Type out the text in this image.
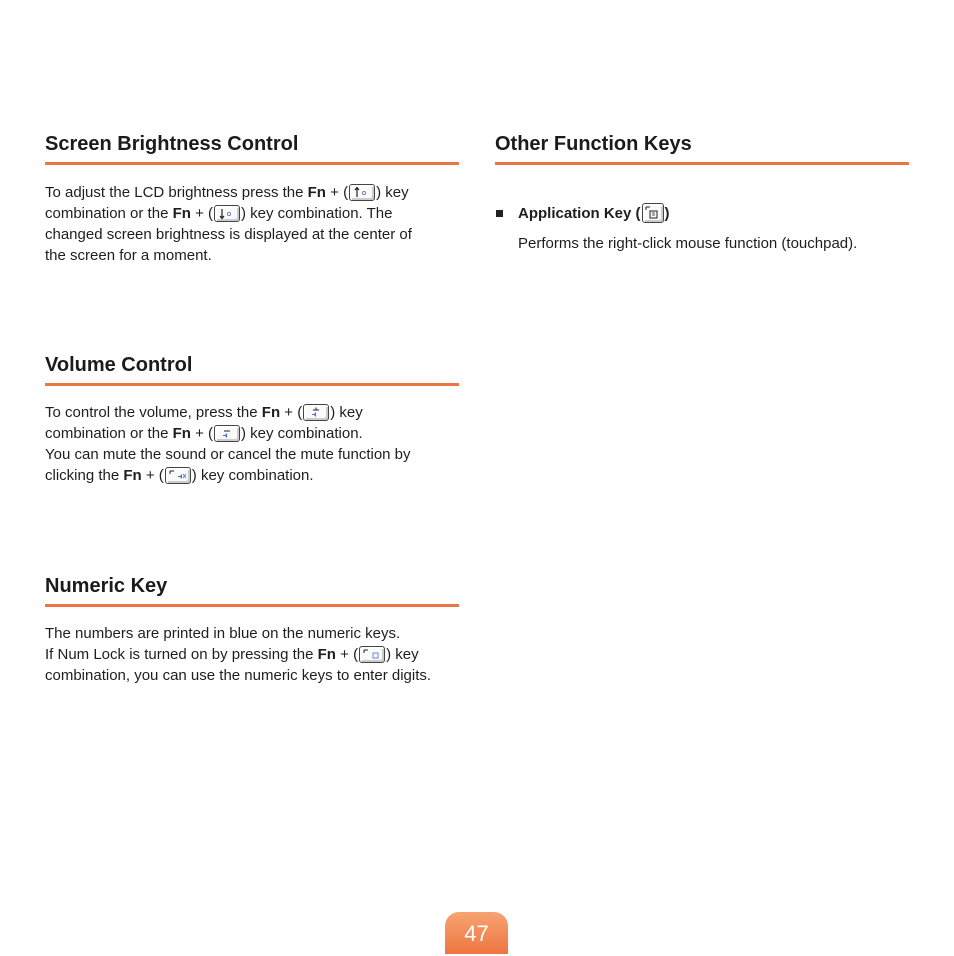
Screen Brightness Control
To adjust the LCD brightness press the Fn + ( ) key
combination or the Fn + ( ) key combination. The
changed screen brightness is displayed at the center of
the screen for a moment.
Volume Control
To control the volume, press the Fn + ( ) key
combination or the Fn + ( ) key combination.
You can mute the sound or cancel the mute function by
clicking the Fn + ( ) key combination.
Numeric Key
The numbers are printed in blue on the numeric keys.
If Num Lock is turned on by pressing the Fn + ( ) key
combination, you can use the numeric keys to enter digits.
Other Function Keys
Application Key ( )
Performs the right-click mouse function (touchpad).
47
